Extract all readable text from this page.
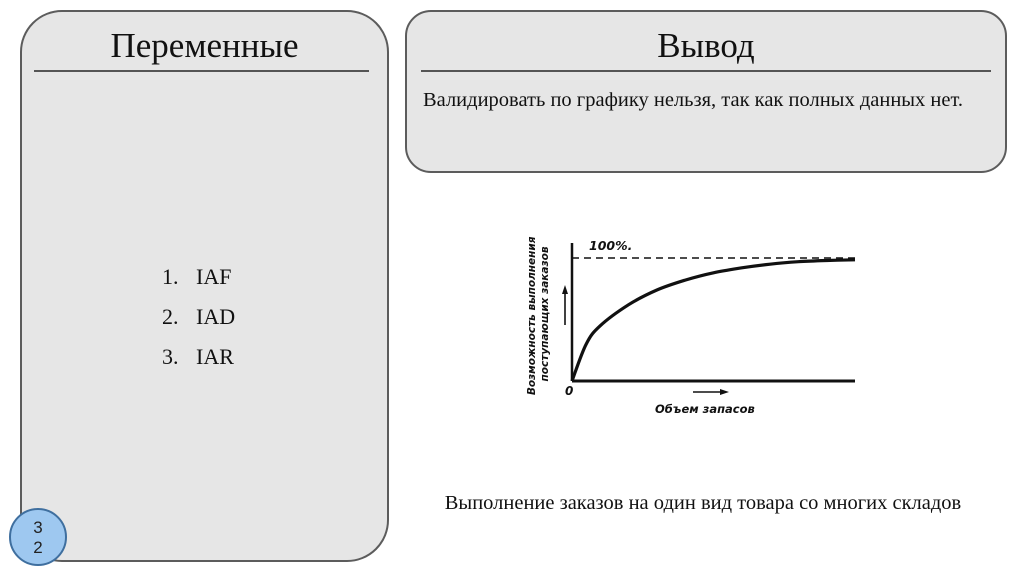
Переменные
1. IAF
2. IAD
3. IAR
Вывод
Валидировать по графику нельзя, так как полных данных нет.
100%.
0
Объем запасов
Возможность выполнения поступающих заказов
Выполнение заказов на один вид товара со многих складов
3
2
